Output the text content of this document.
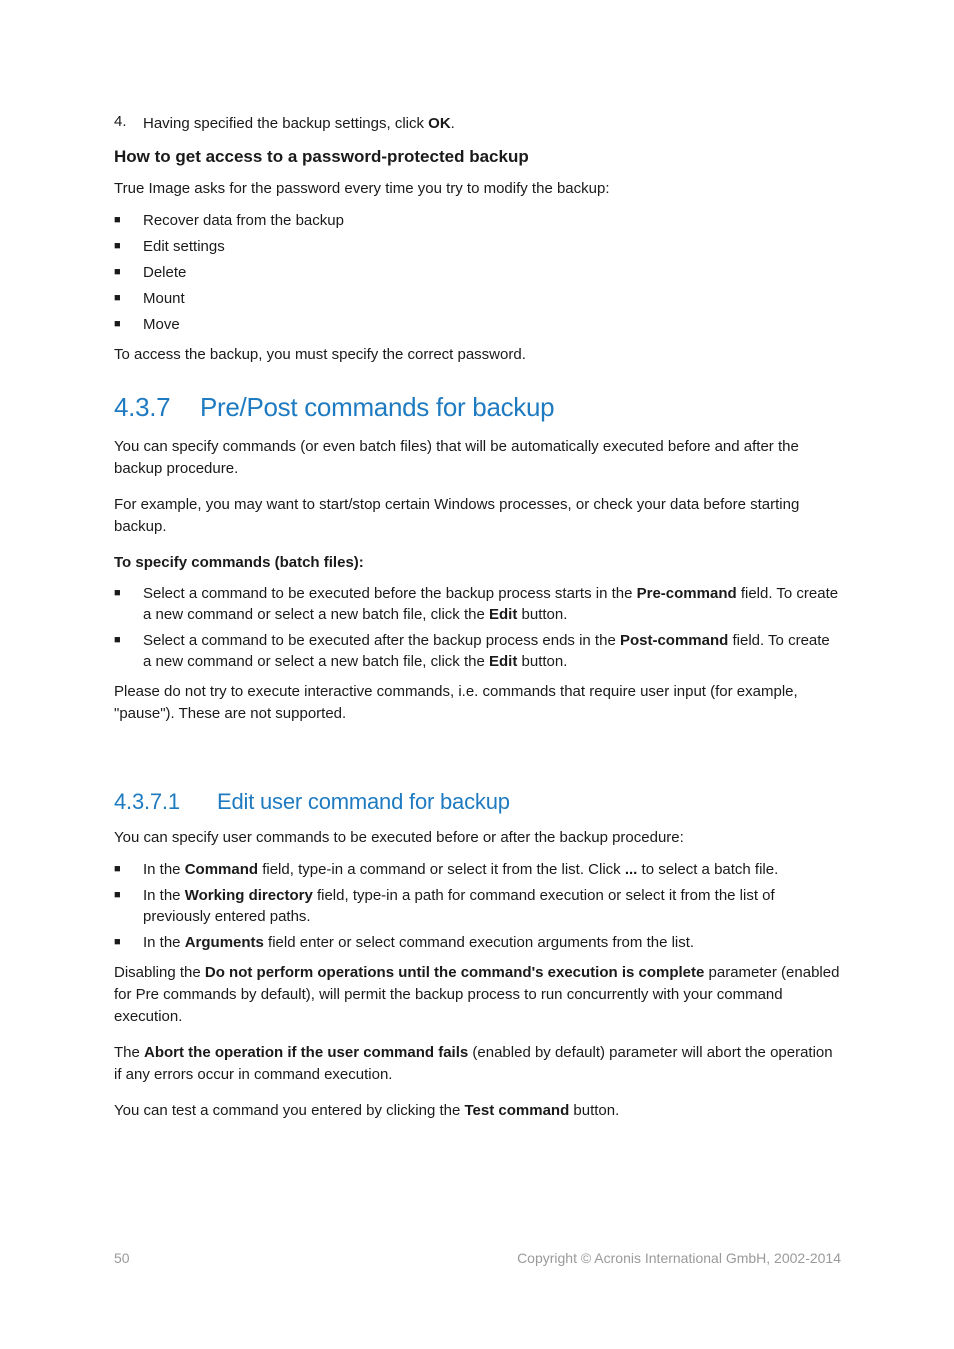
4.	Having specified the backup settings, click OK.

How to get access to a password-protected backup

True Image asks for the password every time you try to modify the backup:

■	Recover data from the backup
■	Edit settings
■	Delete
■	Mount
■	Move

To access the backup, you must specify the correct password.

4.3.7	Pre/Post commands for backup

You can specify commands (or even batch files) that will be automatically executed before and after the backup procedure.

For example, you may want to start/stop certain Windows processes, or check your data before starting backup.

To specify commands (batch files):
■	Select a command to be executed before the backup process starts in the Pre-command field. To create a new command or select a new batch file, click the Edit button.
■	Select a command to be executed after the backup process ends in the Post-command field. To create a new command or select a new batch file, click the Edit button.

Please do not try to execute interactive commands, i.e. commands that require user input (for example, "pause"). These are not supported.

4.3.7.1	Edit user command for backup

You can specify user commands to be executed before or after the backup procedure:

■	In the Command field, type-in a command or select it from the list. Click ... to select a batch file.
■	In the Working directory field, type-in a path for command execution or select it from the list of previously entered paths.
■	In the Arguments field enter or select command execution arguments from the list.

Disabling the Do not perform operations until the command's execution is complete parameter (enabled for Pre commands by default), will permit the backup process to run concurrently with your command execution.

The Abort the operation if the user command fails (enabled by default) parameter will abort the operation if any errors occur in command execution.

You can test a command you entered by clicking the Test command button.

50	Copyright © Acronis International GmbH, 2002-2014
